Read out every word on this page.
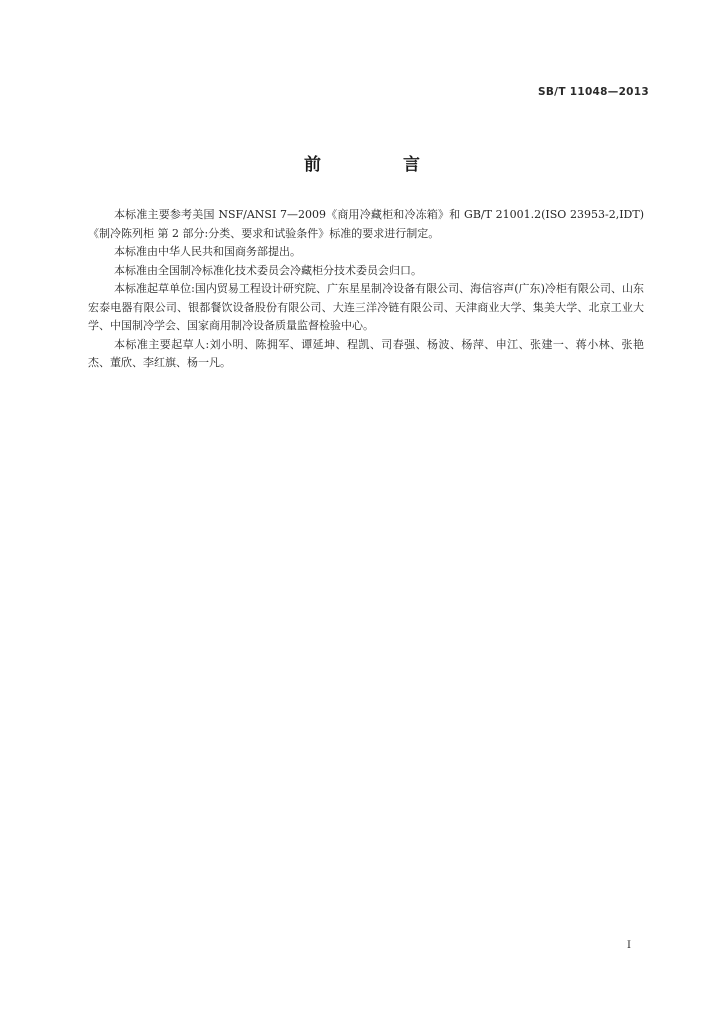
SB/T 11048—2013
前 言

本标准主要参考美国 NSF/ANSI 7—2009《商用冷藏柜和冷冻箱》和 GB/T 21001.2(ISO 23953-2,IDT)《制冷陈列柜 第 2 部分:分类、要求和试验条件》标准的要求进行制定。

本标准由中华人民共和国商务部提出。

本标准由全国制冷标准化技术委员会冷藏柜分技术委员会归口。

本标准起草单位:国内贸易工程设计研究院、广东星星制冷设备有限公司、海信容声(广东)冷柜有限公司、山东宏泰电器有限公司、银都餐饮设备股份有限公司、大连三洋冷链有限公司、天津商业大学、集美大学、北京工业大学、中国制冷学会、国家商用制冷设备质量监督检验中心。

本标准主要起草人:刘小明、陈拥军、谭延坤、程凯、司春强、杨波、杨萍、申江、张建一、蒋小林、张艳杰、董欣、李红旗、杨一凡。

I
